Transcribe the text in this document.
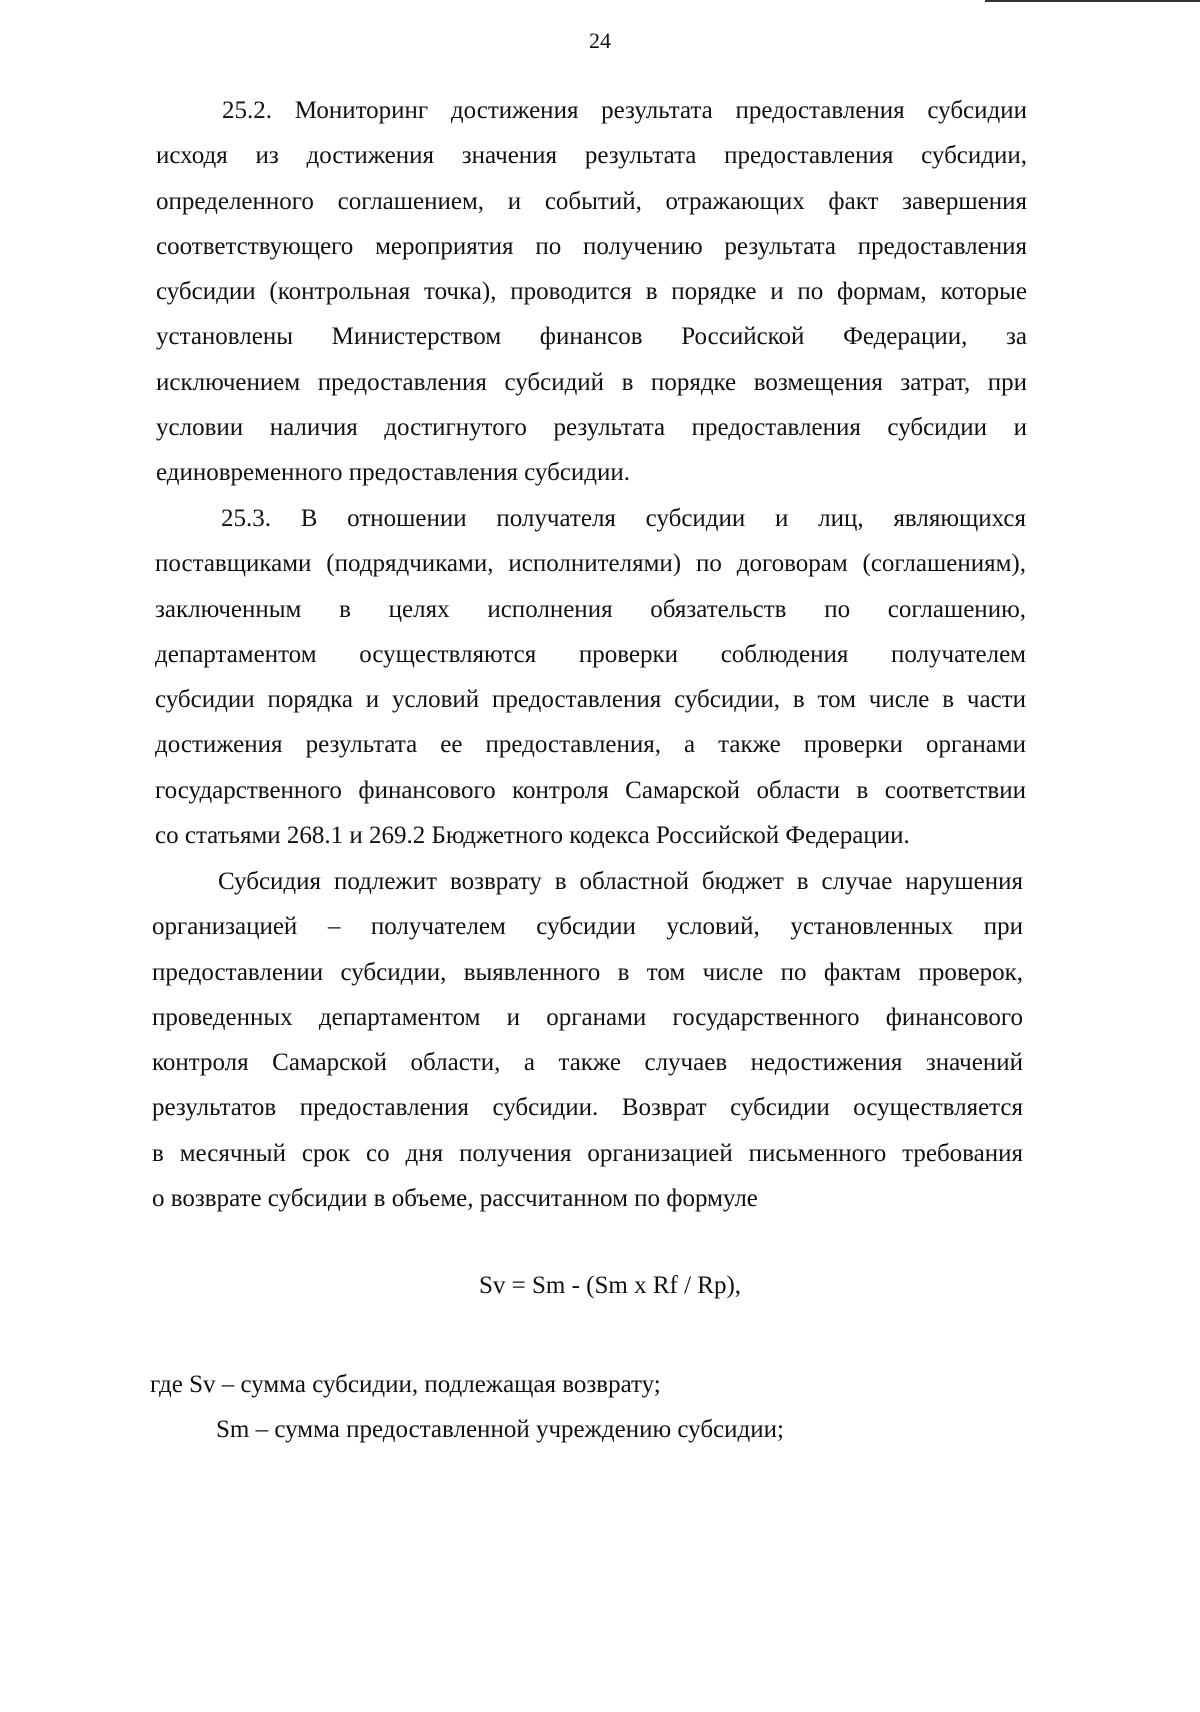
24
25.2. Мониторинг достижения результата предоставления субсидии
исходя из достижения значения результата предоставления субсидии,
определенного соглашением, и событий, отражающих факт завершения
соответствующего мероприятия по получению результата предоставления
субсидии (контрольная точка), проводится в порядке и по формам, которые
установлены Министерством финансов Российской Федерации, за
исключением предоставления субсидий в порядке возмещения затрат, при
условии наличия достигнутого результата предоставления субсидии и
единовременного предоставления субсидии.
25.3. В отношении получателя субсидии и лиц, являющихся
поставщиками (подрядчиками, исполнителями) по договорам (соглашениям),
заключенным в целях исполнения обязательств по соглашению,
департаментом осуществляются проверки соблюдения получателем
субсидии порядка и условий предоставления субсидии, в том числе в части
достижения результата ее предоставления, а также проверки органами
государственного финансового контроля Самарской области в соответствии
со статьями 268.1 и 269.2 Бюджетного кодекса Российской Федерации.
Субсидия подлежит возврату в областной бюджет в случае нарушения
организацией – получателем субсидии условий, установленных при
предоставлении субсидии, выявленного в том числе по фактам проверок,
проведенных департаментом и органами государственного финансового
контроля Самарской области, а также случаев недостижения значений
результатов предоставления субсидии. Возврат субсидии осуществляется
в месячный срок со дня получения организацией письменного требования
о возврате субсидии в объеме, рассчитанном по формуле
Sv = Sm - (Sm x Rf / Rp),
где Sv – сумма субсидии, подлежащая возврату;
Sm – сумма предоставленной учреждению субсидии;
